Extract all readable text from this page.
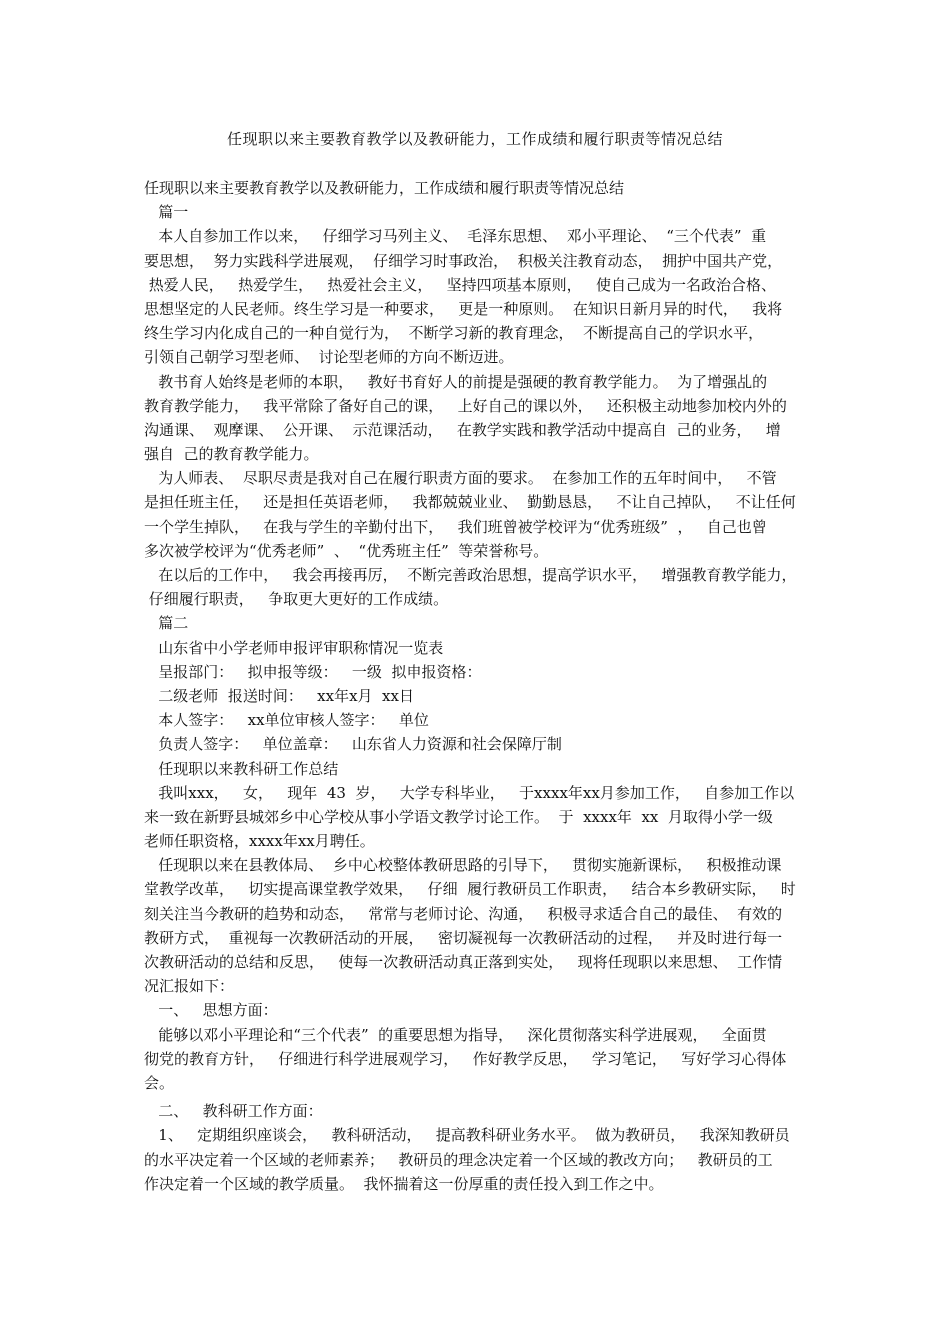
任现职以来主要教育教学以及教研能力，工作成绩和履行职责等情况总结
任现职以来主要教育教学以及教研能力，工作成绩和履行职责等情况总结
篇一
本人自参加工作以来，   仔细学习马列主义、  毛泽东思想、  邓小平理论、  “三个代表”  重
要思想，  努力实践科学进展观，  仔细学习时事政治，  积极关注教育动态，  拥护中国共产党，
热爱人民，   热爱学生，   热爱社会主义，   坚持四项基本原则，   使自己成为一名政治合格、
思想坚定的人民老师。终生学习是一种要求，   更是一种原则。  在知识日新月异的时代，   我将
终生学习内化成自己的一种自觉行为，  不断学习新的教育理念，  不断提高自己的学识水平，
引领自己朝学习型老师、  讨论型老师的方向不断迈进。
教书育人始终是老师的本职，   教好书育好人的前提是强硬的教育教学能力。  为了增强乩的
教育教学能力，   我平常除了备好自己的课，   上好自己的课以外，   还积极主动地参加校内外的
沟通课、  观摩课、  公开课、  示范课活动，   在教学实践和教学活动中提高自  己的业务，   增
强自  己的教育教学能力。
为人师表、  尽职尽责是我对自己在履行职责方面的要求。  在参加工作的五年时间中，   不管
是担任班主任，   还是担任英语老师，   我都兢兢业业、  勤勤恳恳，   不让自己掉队，   不让任何
一个学生掉队，   在我与学生的辛勤付出下，   我们班曾被学校评为“优秀班级”  ，   自己也曾
多次被学校评为“优秀老师”  、  “优秀班主任”  等荣誉称号。
在以后的工作中，   我会再接再厉，  不断完善政治思想，提高学识水平，   增强教育教学能力，
仔细履行职责，   争取更大更好的工作成绩。
篇二
山东省中小学老师申报评审职称情况一览表
呈报部门：   拟申报等级：   一级  拟申报资格：
二级老师  报送时间：   xx年x月  xx日
本人签字：   xx单位审核人签字：   单位
负责人签字：   单位盖章：   山东省人力资源和社会保障厅制
任现职以来教科研工作总结
我叫xxx，   女，   现年  43  岁，   大学专科毕业，   于xxxx年xx月参加工作，   自参加工作以
来一致在新野县城郊乡中心学校从事小学语文教学讨论工作。  于  xxxx年  xx  月取得小学一级
老师任职资格，xxxx年xx月聘任。
任现职以来在县教体局、  乡中心校整体教研思路的引导下，   贯彻实施新课标，   积极推动课
堂教学改革，   切实提高课堂教学效果，   仔细  履行教研员工作职责，   结合本乡教研实际，   时
刻关注当今教研的趋势和动态，   常常与老师讨论、沟通，   积极寻求适合自己的最佳、  有效的
教研方式，  重视每一次教研活动的开展，   密切凝视每一次教研活动的过程，   并及时进行每一
次教研活动的总结和反思，   使每一次教研活动真正落到实处，   现将任现职以来思想、  工作情
况汇报如下：
一、   思想方面：
能够以邓小平理论和“三个代表”  的重要思想为指导，   深化贯彻落实科学进展观，   全面贯
彻党的教育方针，   仔细进行科学进展观学习，   作好教学反思，   学习笔记，   写好学习心得体
会。
二、   教科研工作方面：
1、   定期组织座谈会，   教科研活动，   提高教科研业务水平。  做为教研员，   我深知教研员
的水平决定着一个区域的老师素养；   教研员的理念决定着一个区域的教改方向；   教研员的工
作决定着一个区域的教学质量。  我怀揣着这一份厚重的责任投入到工作之中。
